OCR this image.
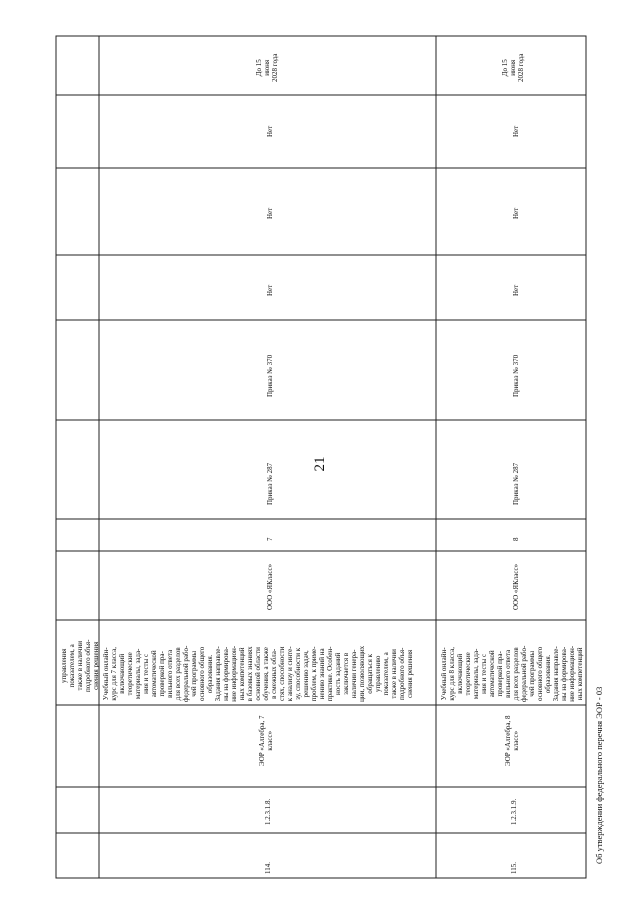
21
управления
показателем, а
также в наличии
подробного объя-
снения решения
114.
1.2.3.1.8.
ЭОР «Алгебра, 7
класс»
Учебный онлайн-
курс для 7 класса,
включающий
теоретические
материалы, зада-
ния и тесты с
автоматической
проверкой пра-
вильного ответа
для всех разделов
федеральной рабо-
чей программы
основного общего
образования.
Задания направле-
ны на формирова-
ние информацион-
ных компетенций
в базовых знаниях
основной области
обучения, а также
в смежных обла-
стях, способности
к анализу и синте-
зу, способности к
решению задач,
проблем, к приме-
нению знаний на
практике. Особен-
ность заданий
заключается в
наличии генера-
ции, позволяющих
обращаться к
управлению
показателем, а
также в наличии
подробного объя-
снения решения
ООО «ЯКласс»
7
Приказ № 287
Приказ № 370
Нет
Нет
Нет
До 15
июня
2028 года
115.
1.2.3.1.9.
ЭОР «Алгебра, 8
класс»
Учебный онлайн-
курс для 8 класса,
включающий
теоретические
материалы, зада-
ния и тесты с
автоматической
проверкой пра-
вильного ответа
для всех разделов
федеральной рабо-
чей программы
основного общего
образования.
Задания направле-
ны на формирова-
ние информацион-
ных компетенций
ООО «ЯКласс»
8
Приказ № 287
Приказ № 370
Нет
Нет
Нет
До 15
июня
2028 года
Об утверждении федерального перечня ЭОР - 03
